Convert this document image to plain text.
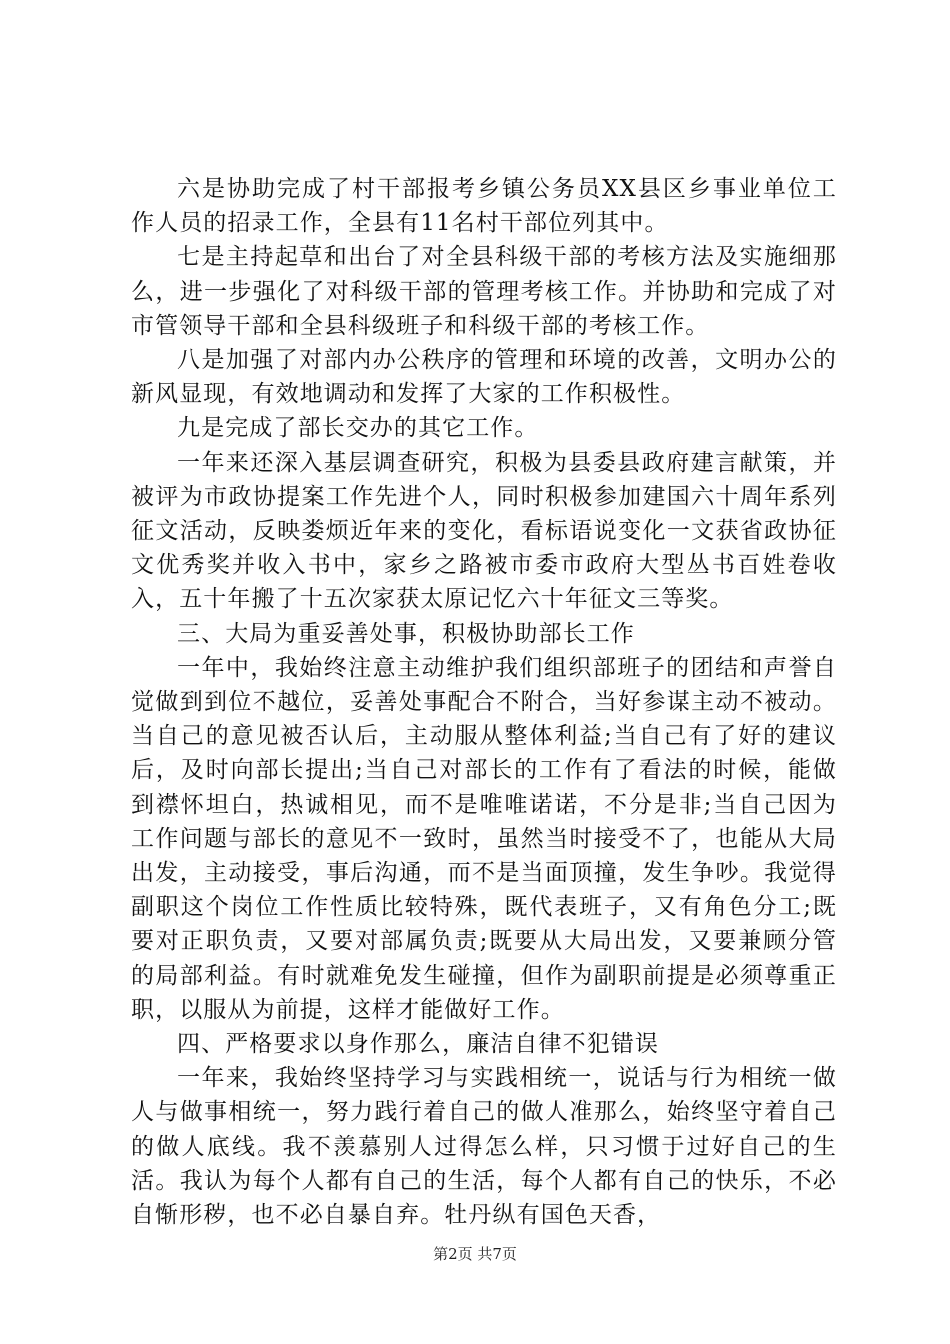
六是协助完成了村干部报考乡镇公务员XX县区乡事业单位工作人员的招录工作，全县有11名村干部位列其中。

七是主持起草和出台了对全县科级干部的考核方法及实施细那么，进一步强化了对科级干部的管理考核工作。并协助和完成了对市管领导干部和全县科级班子和科级干部的考核工作。

八是加强了对部内办公秩序的管理和环境的改善，文明办公的新风显现，有效地调动和发挥了大家的工作积极性。

九是完成了部长交办的其它工作。

一年来还深入基层调查研究，积极为县委县政府建言献策，并被评为市政协提案工作先进个人，同时积极参加建国六十周年系列征文活动，反映娄烦近年来的变化，看标语说变化一文获省政协征文优秀奖并收入书中，家乡之路被市委市政府大型丛书百姓卷收入，五十年搬了十五次家获太原记忆六十年征文三等奖。

三、大局为重妥善处事，积极协助部长工作

一年中，我始终注意主动维护我们组织部班子的团结和声誉自觉做到到位不越位，妥善处事配合不附合，当好参谋主动不被动。当自己的意见被否认后，主动服从整体利益;当自己有了好的建议后，及时向部长提出;当自己对部长的工作有了看法的时候，能做到襟怀坦白，热诚相见，而不是唯唯诺诺，不分是非;当自己因为工作问题与部长的意见不一致时，虽然当时接受不了，也能从大局出发，主动接受，事后沟通，而不是当面顶撞，发生争吵。我觉得副职这个岗位工作性质比较特殊，既代表班子，又有角色分工;既要对正职负责，又要对部属负责;既要从大局出发，又要兼顾分管的局部利益。有时就难免发生碰撞，但作为副职前提是必须尊重正职，以服从为前提，这样才能做好工作。

四、严格要求以身作那么，廉洁自律不犯错误

一年来，我始终坚持学习与实践相统一，说话与行为相统一做人与做事相统一，努力践行着自己的做人准那么，始终坚守着自己的做人底线。我不羡慕别人过得怎么样，只习惯于过好自己的生活。我认为每个人都有自己的生活，每个人都有自己的快乐，不必自惭形秽，也不必自暴自弃。牡丹纵有国色天香，

第2页 共7页
